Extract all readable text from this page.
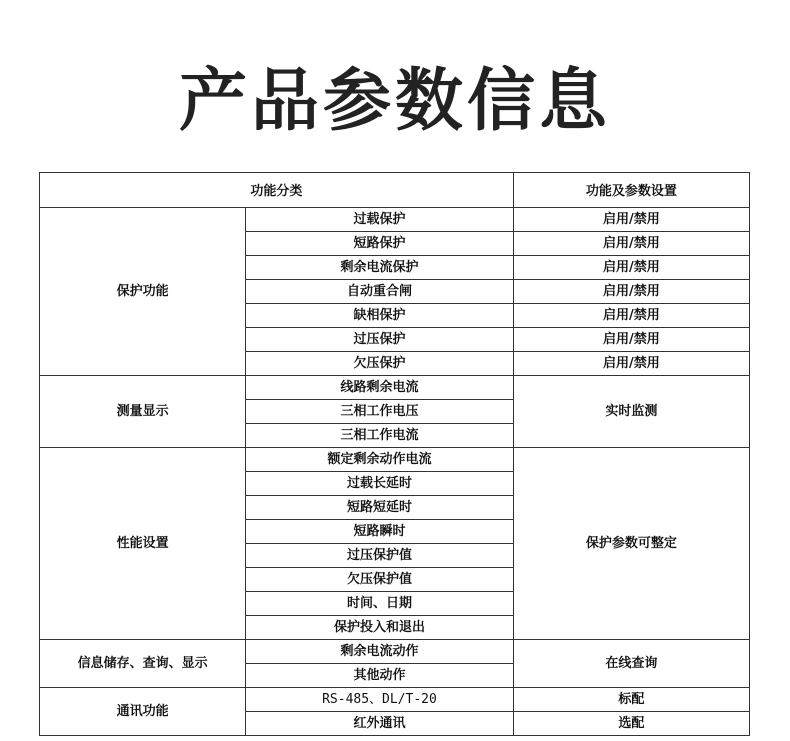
产品参数信息
功能分类		功能及参数设置
保护功能	过载保护	启用/禁用
	短路保护	启用/禁用
	剩余电流保护	启用/禁用
	自动重合闸	启用/禁用
	缺相保护	启用/禁用
	过压保护	启用/禁用
	欠压保护	启用/禁用
测量显示	线路剩余电流	实时监测
	三相工作电压	
	三相工作电流	
性能设置	额定剩余动作电流	保护参数可整定
	过载长延时	
	短路短延时	
	短路瞬时	
	过压保护值	
	欠压保护值	
	时间、日期	
	保护投入和退出	
信息储存、查询、显示	剩余电流动作	在线查询
	其他动作	
通讯功能	RS-485、DL/T-20	标配
	红外通讯	选配
